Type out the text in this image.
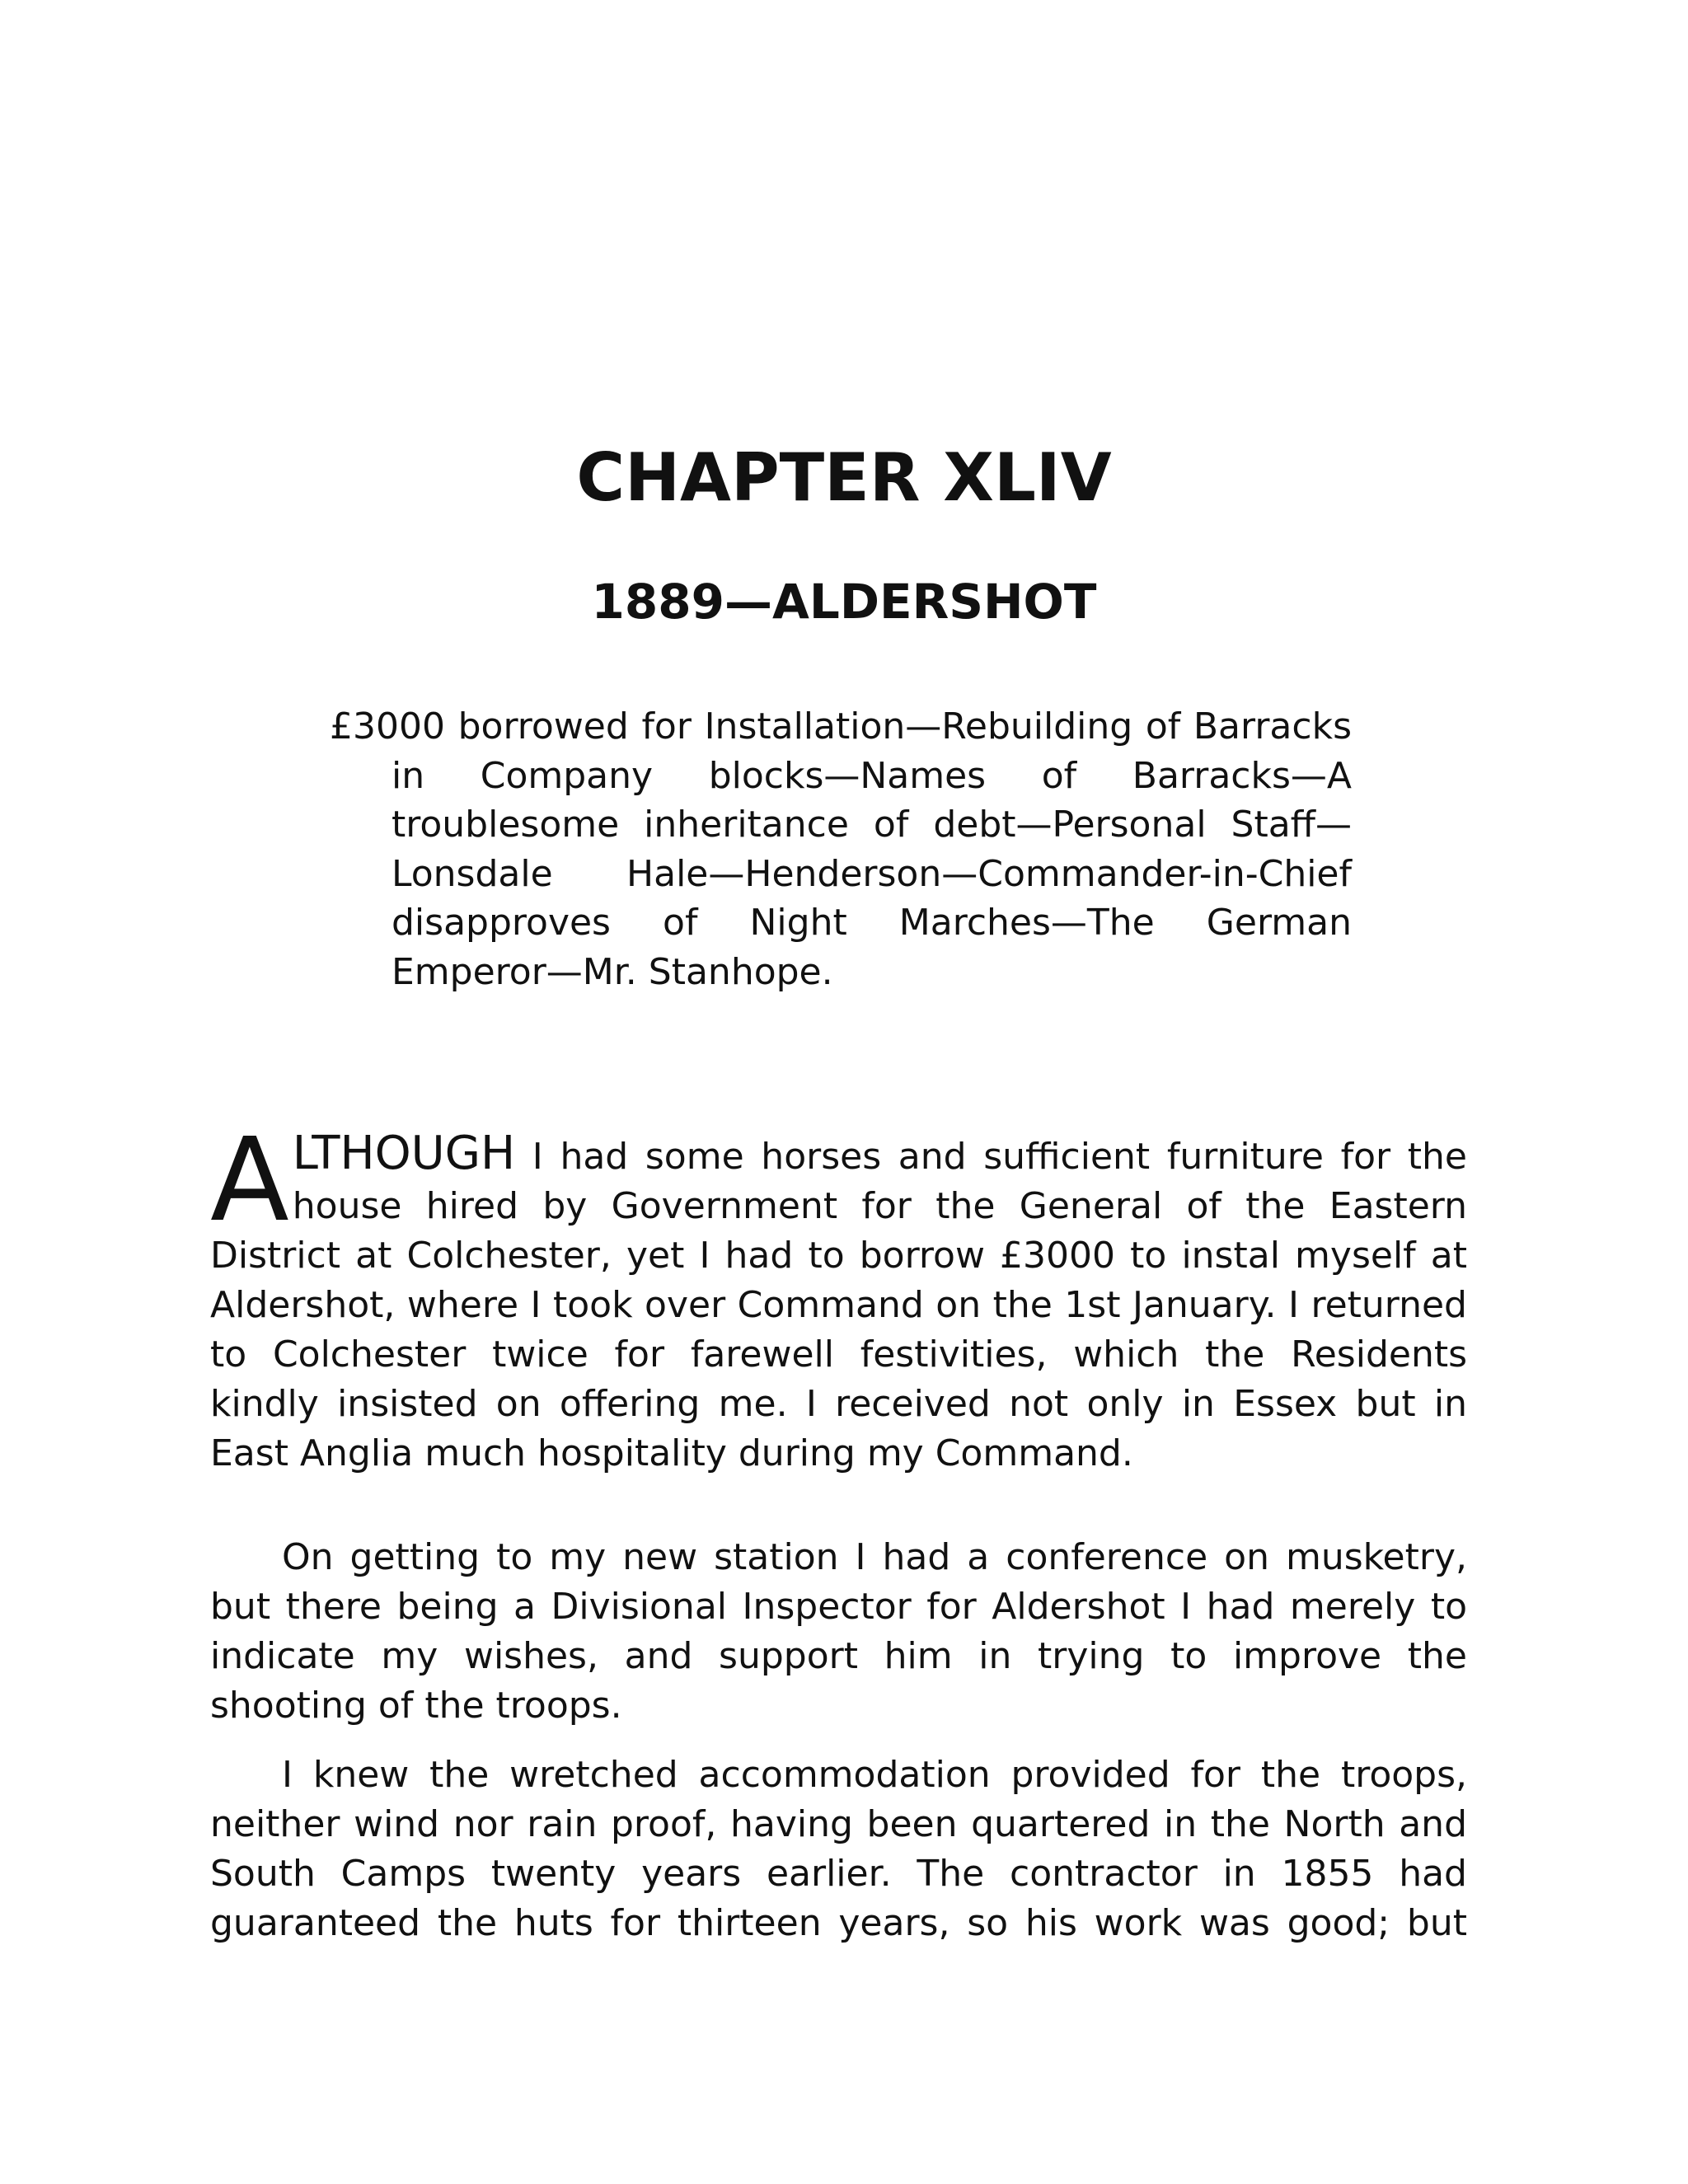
CHAPTER XLIV
1889—ALDERSHOT

£3000 borrowed for Installation—Rebuilding of Barracks in Company blocks—Names of Barracks—A troublesome inheritance of debt—Personal Staff—Lonsdale Hale—Henderson—Commander-in-Chief disapproves of Night Marches—The German Emperor—Mr. Stanhope.

ALTHOUGH I had some horses and sufficient furniture for the house hired by Government for the General of the Eastern District at Colchester, yet I had to borrow £3000 to instal myself at Aldershot, where I took over Command on the 1st January. I returned to Colchester twice for farewell festivities, which the Residents kindly insisted on offering me. I received not only in Essex but in East Anglia much hospitality during my Command.

On getting to my new station I had a conference on musketry, but there being a Divisional Inspector for Aldershot I had merely to indicate my wishes, and support him in trying to improve the shooting of the troops.

I knew the wretched accommodation provided for the troops, neither wind nor rain proof, having been quartered in the North and South Camps twenty years earlier. The contractor in 1855 had guaranteed the huts for thirteen years, so his work was good; but
